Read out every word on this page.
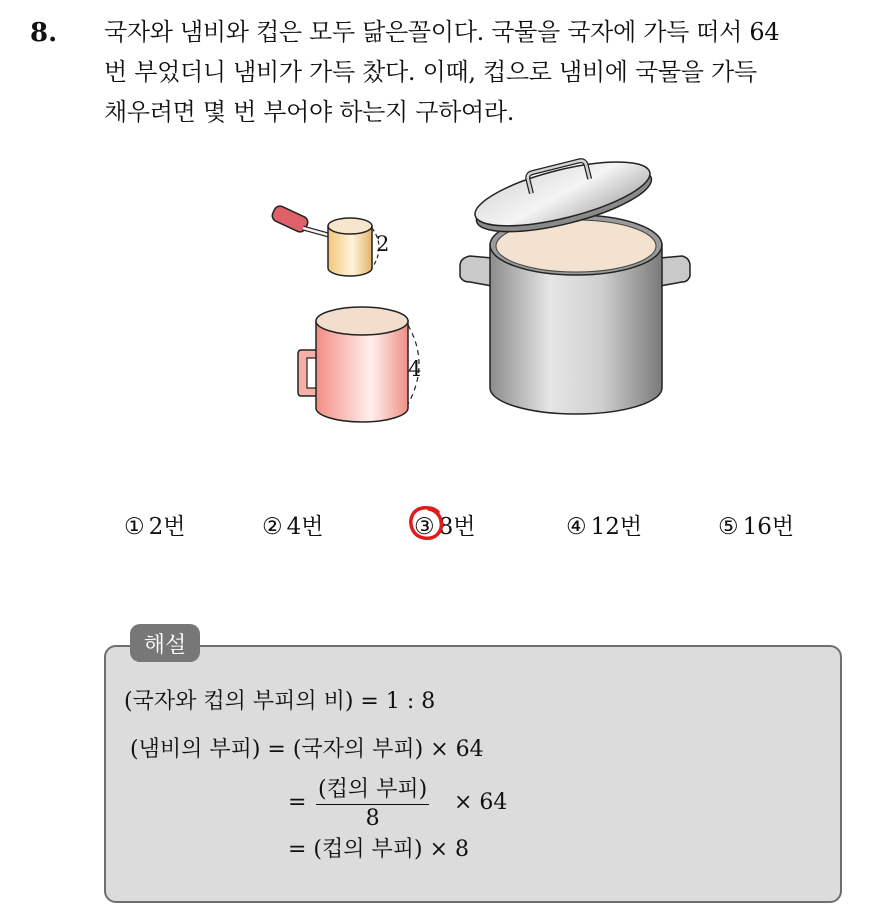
8. 국자와 냄비와 컵은 모두 닮은꼴이다. 국물을 국자에 가득 떠서 64
번 부었더니 냄비가 가득 찼다. 이때, 컵으로 냄비에 국물을 가득
채우려면 몇 번 부어야 하는지 구하여라.
2
4
① 2번	② 4번	③ 8번	④ 12번	⑤ 16번
해설
(국자와 컵의 부피의 비) = 1 : 8
(냄비의 부피) = (국자의 부피) × 64
=
(컵의 부피)
8
× 64
= (컵의 부피) × 8
